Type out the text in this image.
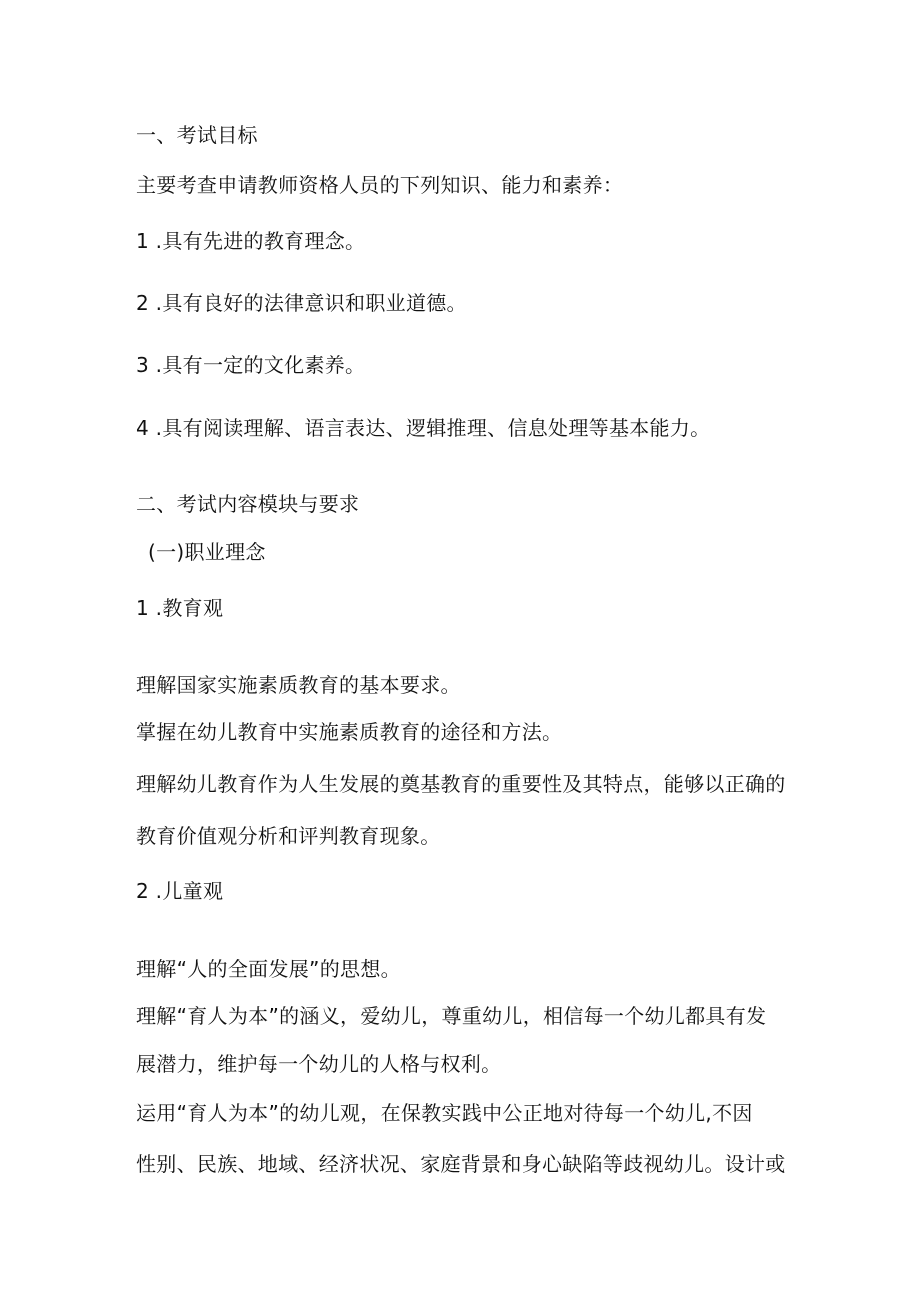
一、考试目标
主要考查申请教师资格人员的下列知识、能力和素养：
1 .具有先进的教育理念。
2 .具有良好的法律意识和职业道德。
3 .具有一定的文化素养。
4 .具有阅读理解、语言表达、逻辑推理、信息处理等基本能力。
二、考试内容模块与要求
(一)职业理念
1 .教育观
理解国家实施素质教育的基本要求。
掌握在幼儿教育中实施素质教育的途径和方法。
理解幼儿教育作为人生发展的奠基教育的重要性及其特点，能够以正确的
教育价值观分析和评判教育现象。
2 .儿童观
理解“人的全面发展”的思想。
理解“育人为本”的涵义，爱幼儿，尊重幼儿，相信每一个幼儿都具有发
展潜力，维护每一个幼儿的人格与权利。
运用“育人为本”的幼儿观，在保教实践中公正地对待每一个幼儿,不因
性别、民族、地域、经济状况、家庭背景和身心缺陷等歧视幼儿。设计或
